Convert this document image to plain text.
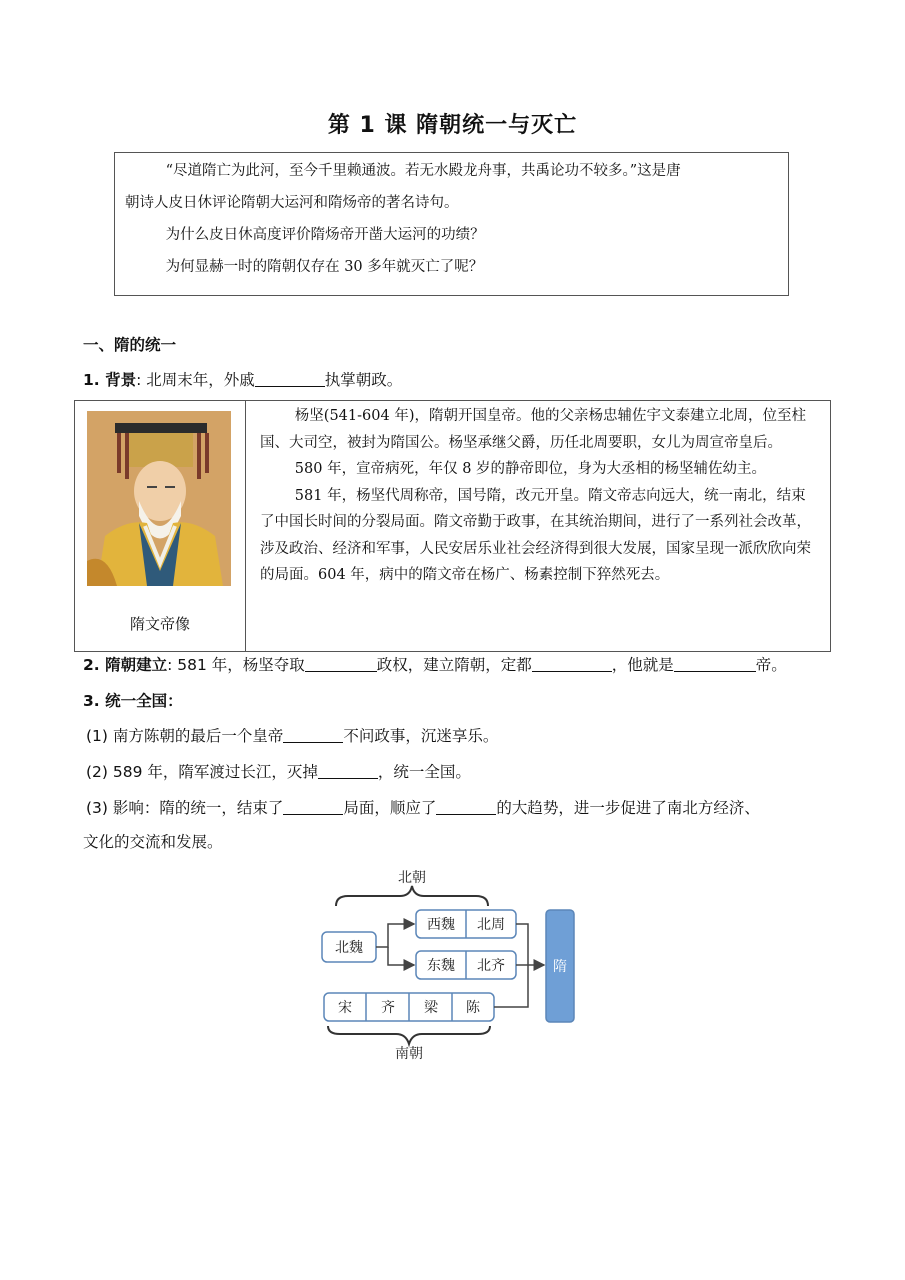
第 1 课 隋朝统一与灭亡

“尽道隋亡为此河，至今千里赖通波。若无水殿龙舟事，共禹论功不较多。”这是唐

朝诗人皮日休评论隋朝大运河和隋炀帝的著名诗句。

为什么皮日休高度评价隋炀帝开凿大运河的功绩？

为何显赫一时的隋朝仅存在 30 多年就灭亡了呢？

一、隋的统一
1. 背景: 北周末年，外戚	执掌朝政。
隋文帝像

杨坚(541-604 年)，隋朝开国皇帝。他的父亲杨忠辅佐宇文泰建立北周，位至柱国、大司空，被封为隋国公。杨坚承继父爵，历任北周要职，女儿为周宣帝皇后。

580 年，宣帝病死，年仅 8 岁的静帝即位，身为大丞相的杨坚辅佐幼主。

581 年，杨坚代周称帝，国号隋，改元开皇。隋文帝志向远大，统一南北，结束了中国长时间的分裂局面。隋文帝勤于政事，在其统治期间，进行了一系列社会改革，涉及政治、经济和军事，人民安居乐业社会经济得到很大发展，国家呈现一派欣欣向荣的局面。604 年，病中的隋文帝在杨广、杨素控制下猝然死去。

2. 隋朝建立: 581 年，杨坚夺取	政权，建立隋朝，定都	，他就是	帝。
3. 统一全国：
(1) 南方陈朝的最后一个皇帝	不问政事，沉迷享乐。
(2) 589 年，隋军渡过长江，灭掉	，统一全国。
(3) 影响：隋的统一，结束了	局面，顺应了	的大趋势，进一步促进了南北方经济、
文化的交流和发展。
北朝
北魏
西魏 北周
东魏 北齐
宋 齐 梁 陈
隋
南朝
